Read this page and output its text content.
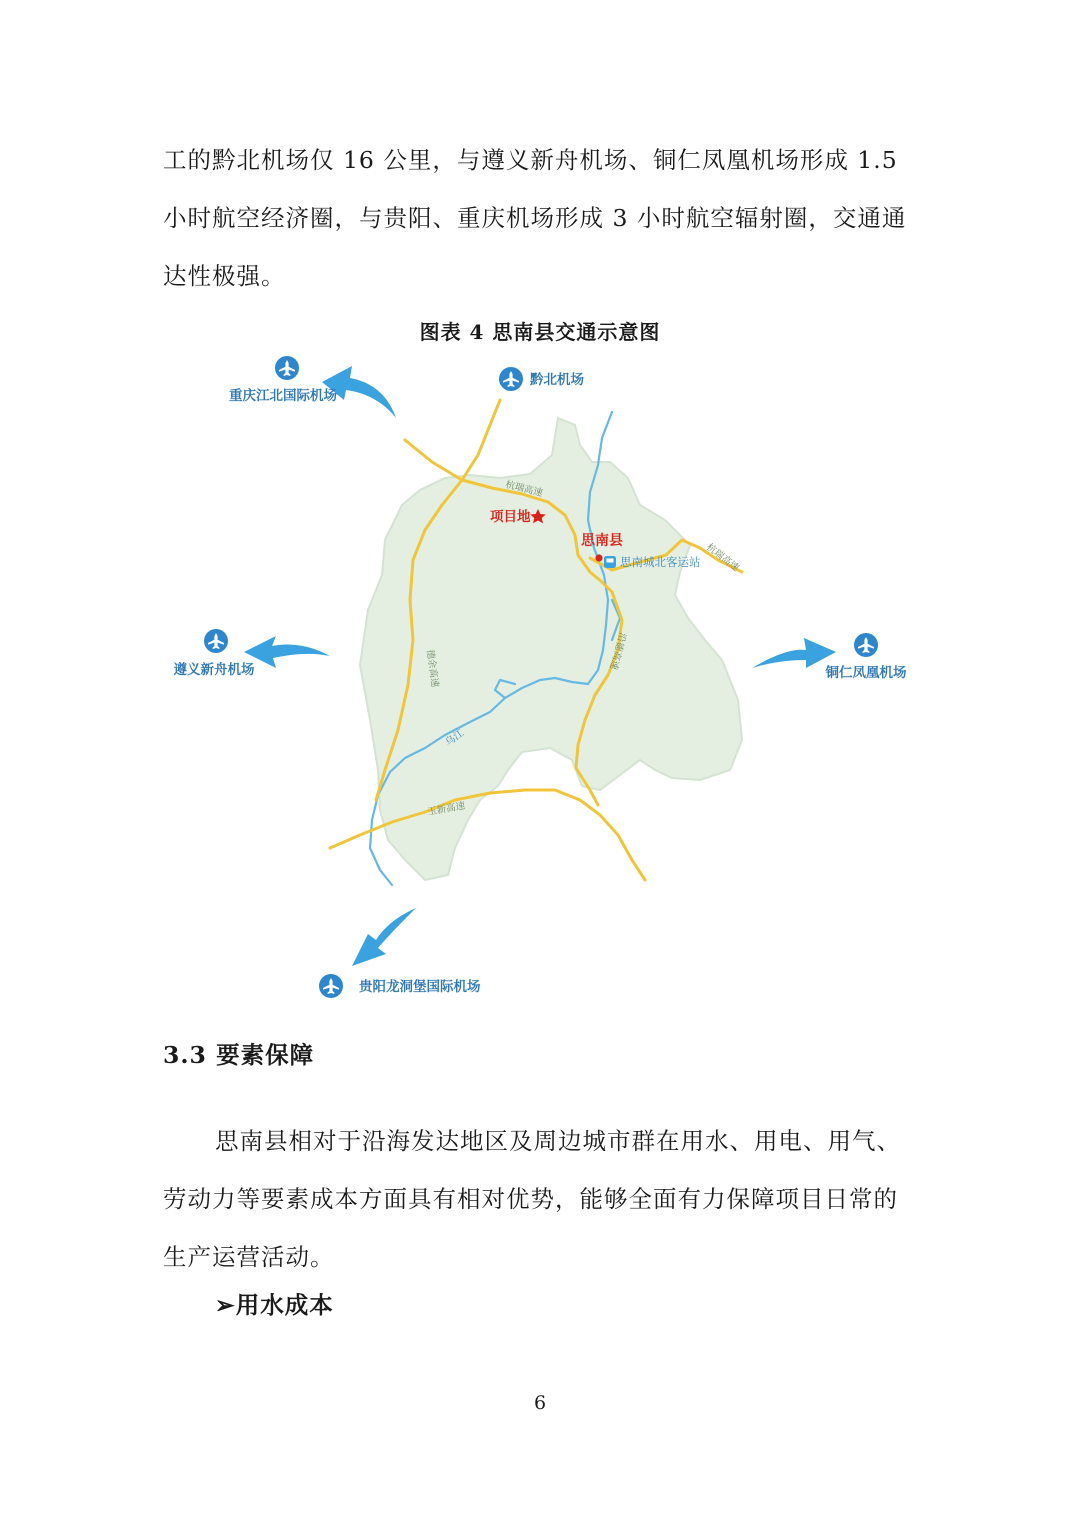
工的黔北机场仅 16 公里，与遵义新舟机场、铜仁凤凰机场形成 1.5
小时航空经济圈，与贵阳、重庆机场形成 3 小时航空辐射圈，交通通
达性极强。
图表 4 思南县交通示意图
重庆江北国际机场
黔北机场
遵义新舟机场	铜仁凤凰机场
贵阳龙洞堡国际机场
项目地
思南县
思南城北客运站
杭瑞高速
杭瑞高速
德余高速	沿德高速
玉新高速
乌江
3.3 要素保障
思南县相对于沿海发达地区及周边城市群在用水、用电、用气、
劳动力等要素成本方面具有相对优势，能够全面有力保障项目日常的
生产运营活动。
➢用水成本
6
